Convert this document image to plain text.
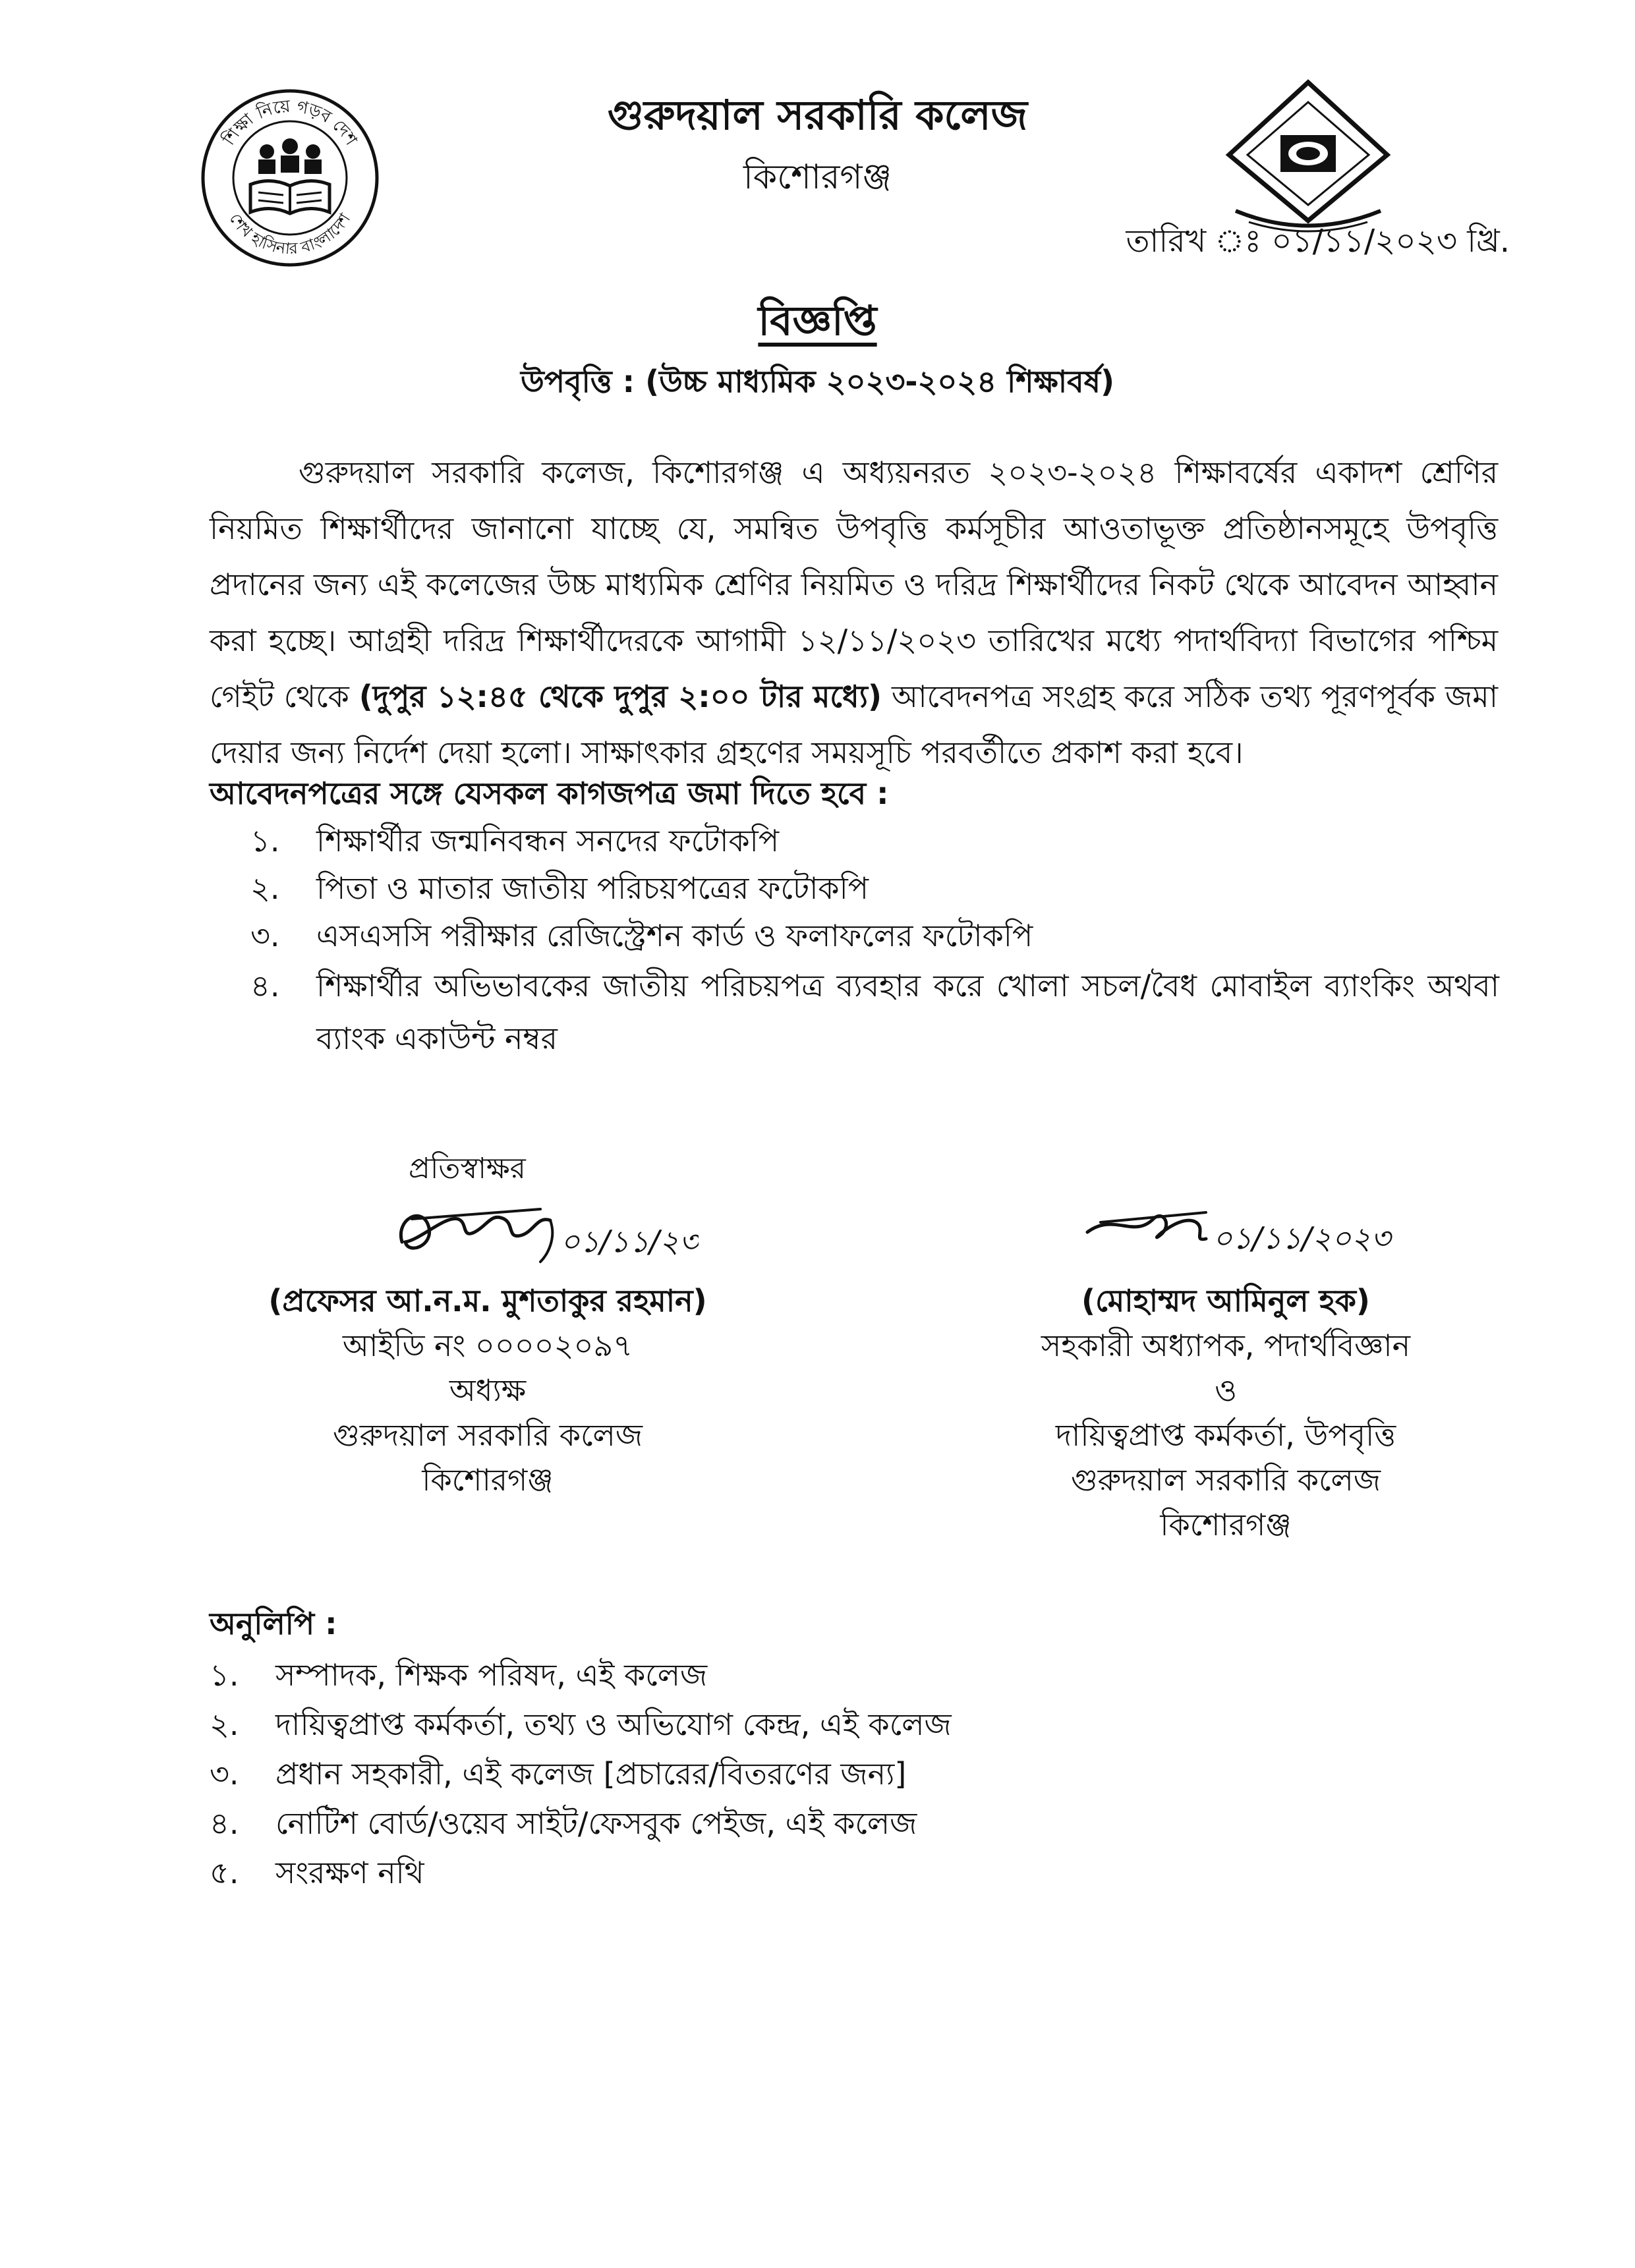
শিক্ষা নিয়ে গড়ব দেশ
শেখ হাসিনার বাংলাদেশ
গুরুদয়াল সরকারি কলেজ
কিশোরগঞ্জ
তারিখ ঃ ০১/১১/২০২৩ খ্রি.
বিজ্ঞপ্তি
উপবৃত্তি : (উচ্চ মাধ্যমিক ২০২৩-২০২৪ শিক্ষাবর্ষ)

গুরুদয়াল সরকারি কলেজ, কিশোরগঞ্জ এ অধ্যয়নরত ২০২৩-২০২৪ শিক্ষাবর্ষের একাদশ শ্রেণির নিয়মিত শিক্ষার্থীদের জানানো যাচ্ছে যে, সমন্বিত উপবৃত্তি কর্মসূচীর আওতাভূক্ত প্রতিষ্ঠানসমূহে উপবৃত্তি প্রদানের জন্য এই কলেজের উচ্চ মাধ্যমিক শ্রেণির নিয়মিত ও দরিদ্র শিক্ষার্থীদের নিকট থেকে আবেদন আহ্বান করা হচ্ছে। আগ্রহী দরিদ্র শিক্ষার্থীদেরকে আগামী ১২/১১/২০২৩ তারিখের মধ্যে পদার্থবিদ্যা বিভাগের পশ্চিম গেইট থেকে (দুপুর ১২:৪৫ থেকে দুপুর ২:০০ টার মধ্যে) আবেদনপত্র সংগ্রহ করে সঠিক তথ্য পূরণপূর্বক জমা দেয়ার জন্য নির্দেশ দেয়া হলো। সাক্ষাৎকার গ্রহণের সময়সূচি পরবর্তীতে প্রকাশ করা হবে।

আবেদনপত্রের সঙ্গে যেসকল কাগজপত্র জমা দিতে হবে :
১. শিক্ষার্থীর জন্মনিবন্ধন সনদের ফটোকপি
২. পিতা ও মাতার জাতীয় পরিচয়পত্রের ফটোকপি
৩. এসএসসি পরীক্ষার রেজিস্ট্রেশন কার্ড ও ফলাফলের ফটোকপি
৪. শিক্ষার্থীর অভিভাবকের জাতীয় পরিচয়পত্র ব্যবহার করে খোলা সচল/বৈধ মোবাইল ব্যাংকিং অথবা ব্যাংক একাউন্ট নম্বর
প্রতিস্বাক্ষর
০১/১১/২৩	০১/১১/২০২৩
(প্রফেসর আ.ন.ম. মুশতাকুর রহমান)
আইডি নং ০০০০২০৯৭
অধ্যক্ষ
গুরুদয়াল সরকারি কলেজ
কিশোরগঞ্জ
(মোহাম্মদ আমিনুল হক)
সহকারী অধ্যাপক, পদার্থবিজ্ঞান
ও
দায়িত্বপ্রাপ্ত কর্মকর্তা, উপবৃত্তি
গুরুদয়াল সরকারি কলেজ
কিশোরগঞ্জ
অনুলিপি :
১. সম্পাদক, শিক্ষক পরিষদ, এই কলেজ
২. দায়িত্বপ্রাপ্ত কর্মকর্তা, তথ্য ও অভিযোগ কেন্দ্র, এই কলেজ
৩. প্রধান সহকারী, এই কলেজ [প্রচারের/বিতরণের জন্য]
৪. নোটিশ বোর্ড/ওয়েব সাইট/ফেসবুক পেইজ, এই কলেজ
৫. সংরক্ষণ নথি
